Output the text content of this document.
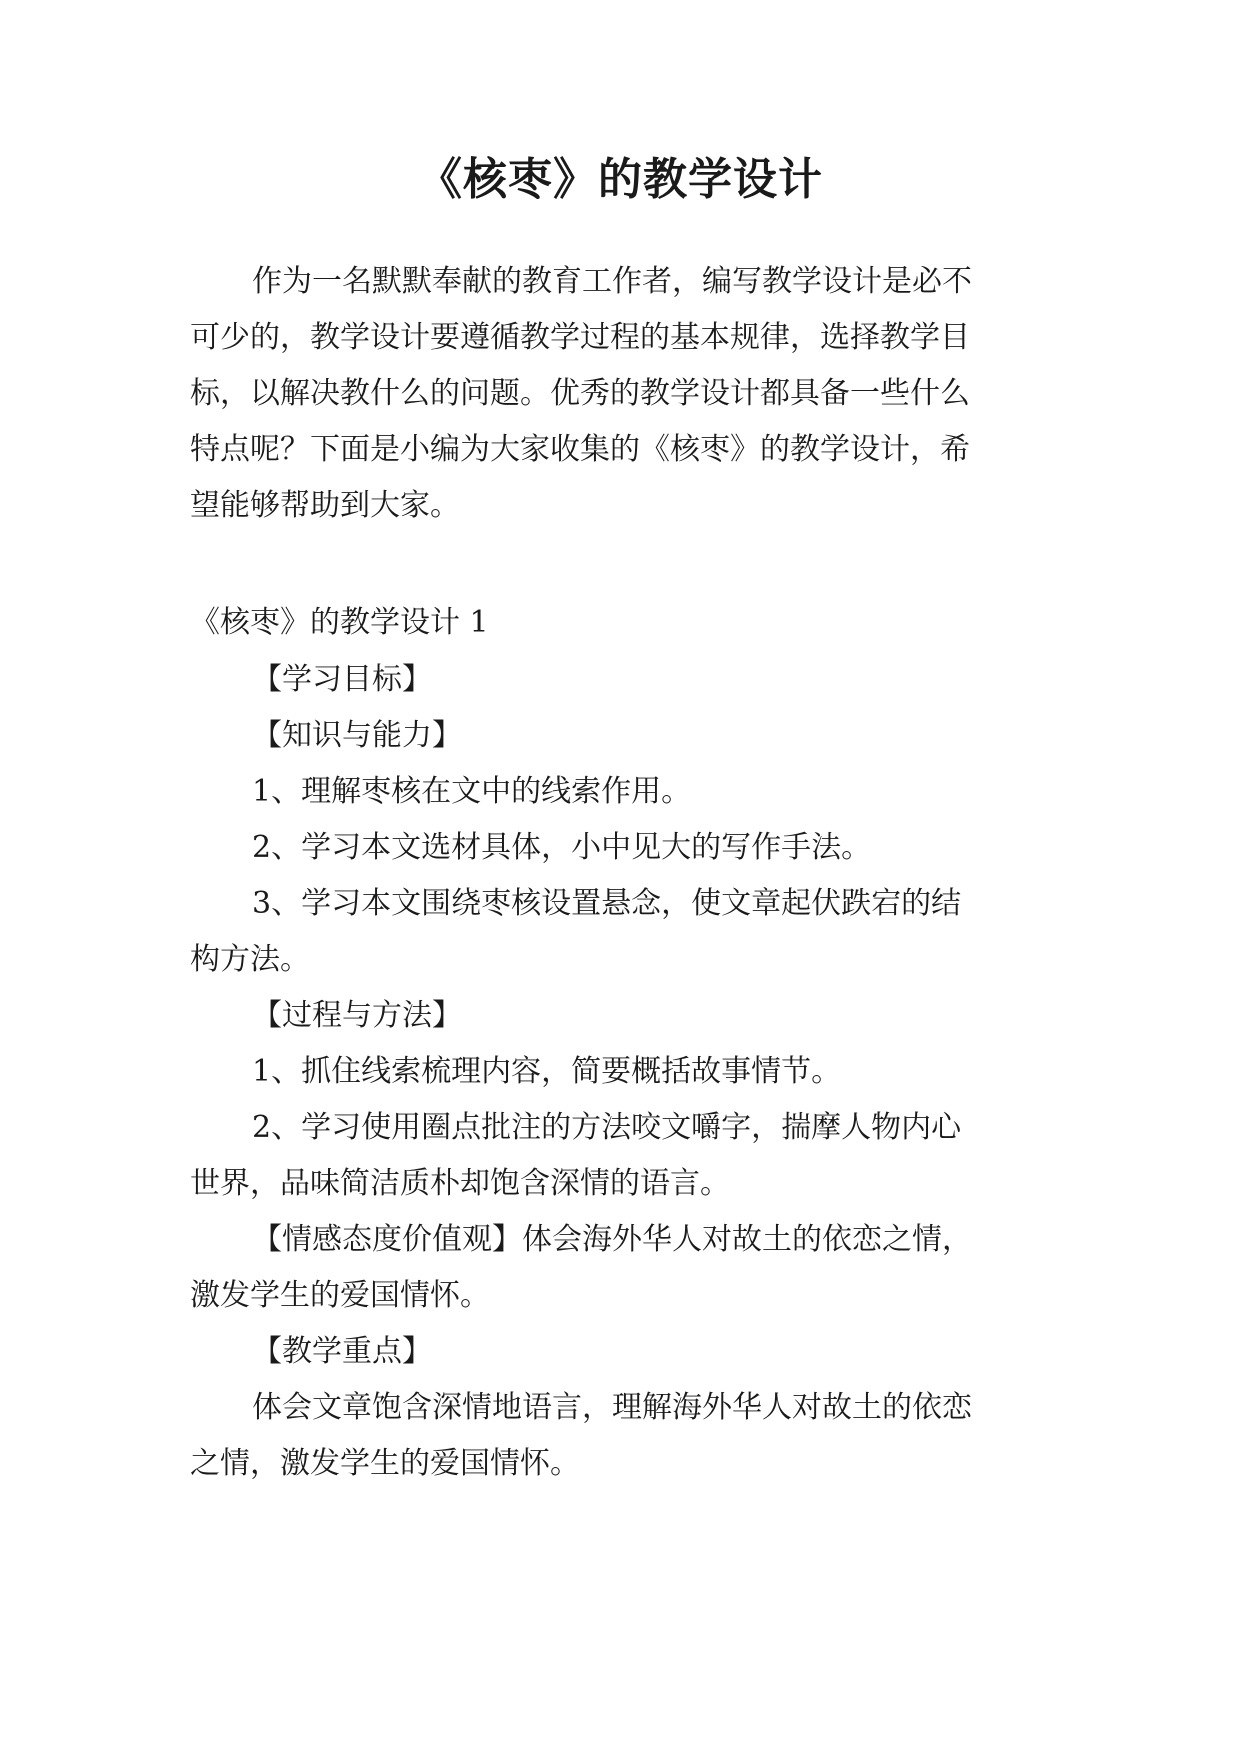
《核枣》的教学设计
作为一名默默奉献的教育工作者，编写教学设计是必不
可少的，教学设计要遵循教学过程的基本规律，选择教学目
标，以解决教什么的问题。优秀的教学设计都具备一些什么
特点呢？下面是小编为大家收集的《核枣》的教学设计，希
望能够帮助到大家。
《核枣》的教学设计 1
【学习目标】
【知识与能力】
1、理解枣核在文中的线索作用。
2、学习本文选材具体，小中见大的写作手法。
3、学习本文围绕枣核设置悬念，使文章起伏跌宕的结
构方法。
【过程与方法】
1、抓住线索梳理内容，简要概括故事情节。
2、学习使用圈点批注的方法咬文嚼字，揣摩人物内心
世界，品味简洁质朴却饱含深情的语言。
【情感态度价值观】体会海外华人对故土的依恋之情，
激发学生的爱国情怀。
【教学重点】
体会文章饱含深情地语言，理解海外华人对故土的依恋
之情，激发学生的爱国情怀。
